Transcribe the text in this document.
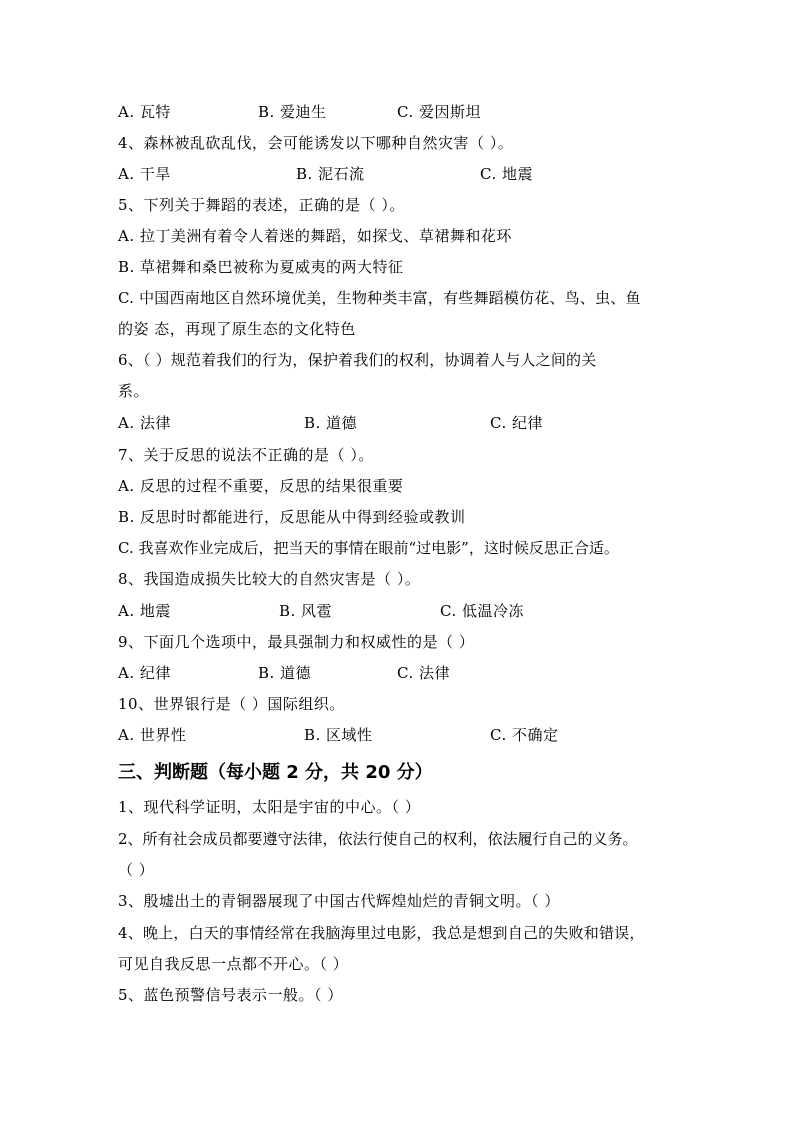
A. 瓦特	B. 爱迪生	C. 爱因斯坦
4、森林被乱砍乱伐，会可能诱发以下哪种自然灾害（ ）。
A. 干旱	B. 泥石流	C. 地震
5、下列关于舞蹈的表述，正确的是（ ）。
A. 拉丁美洲有着令人着迷的舞蹈，如探戈、草裙舞和花环
B. 草裙舞和桑巴被称为夏威夷的两大特征
C. 中国西南地区自然环境优美，生物种类丰富，有些舞蹈模仿花、鸟、虫、鱼
的姿 态，再现了原生态的文化特色
6、（ ）规范着我们的行为，保护着我们的权利，协调着人与人之间的关
系。
A. 法律	B. 道德	C. 纪律
7、关于反思的说法不正确的是（ ）。
A. 反思的过程不重要，反思的结果很重要
B. 反思时时都能进行，反思能从中得到经验或教训
C. 我喜欢作业完成后，把当天的事情在眼前“过电影”，这时候反思正合适。
8、我国造成损失比较大的自然灾害是（ ）。
A. 地震	B. 风雹	C. 低温冷冻
9、下面几个选项中，最具强制力和权威性的是（ ）
A. 纪律	B. 道德	C. 法律
10、世界银行是（ ）国际组织。
A. 世界性	B. 区域性	C. 不确定
三、判断题（每小题 2 分，共 20 分）
1、现代科学证明，太阳是宇宙的中心。（ ）
2、所有社会成员都要遵守法律，依法行使自己的权利，依法履行自己的义务。
（ ）
3、殷墟出土的青铜器展现了中国古代辉煌灿烂的青铜文明。（ ）
4、晚上，白天的事情经常在我脑海里过电影，我总是想到自己的失败和错误，
可见自我反思一点都不开心。（ ）
5、蓝色预警信号表示一般。（ ）
